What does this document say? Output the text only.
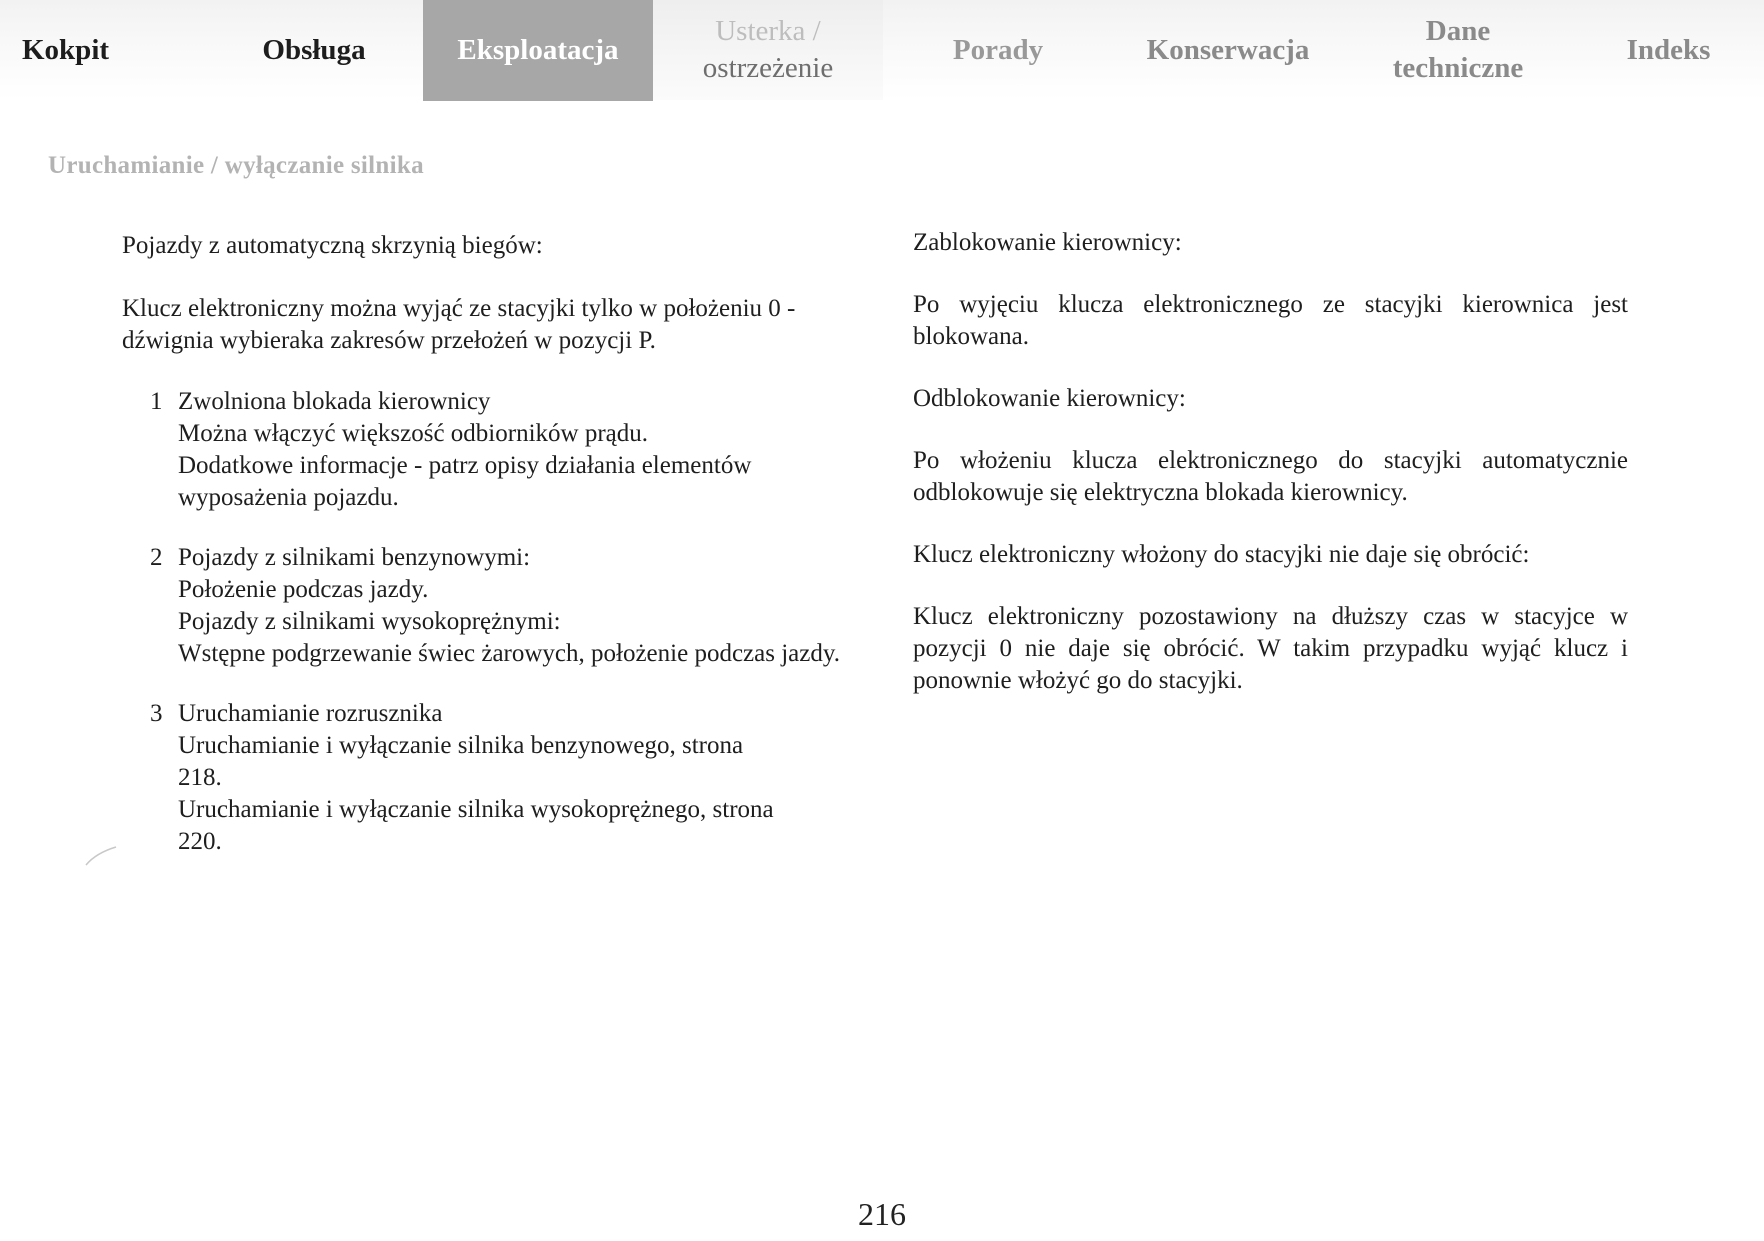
Kokpit	Obsługa	Eksploatacja
Usterka /
ostrzeżenie
Porady	Konserwacja
Dane
techniczne
Indeks
Uruchamianie / wyłączanie silnika

Pojazdy z automatyczną skrzynią biegów:

Klucz elektroniczny można wyjąć ze stacyjki tylko w położeniu 0 - dźwignia wybieraka zakresów przełożeń w pozycji P.

1 Zwolniona blokada kierownicy
Można włączyć większość odbiorników prądu.
Dodatkowe informacje - patrz opisy działania elementów wyposażenia pojazdu.
2 Pojazdy z silnikami benzynowymi:
Położenie podczas jazdy.
Pojazdy z silnikami wysokoprężnymi:
Wstępne podgrzewanie świec żarowych, położenie podczas jazdy.
3 Uruchamianie rozrusznika
Uruchamianie i wyłączanie silnika benzynowego, strona 218.
Uruchamianie i wyłączanie silnika wysokoprężnego, strona 220.

Zablokowanie kierownicy:

Po wyjęciu klucza elektronicznego ze stacyjki kierownica jest blokowana.

Odblokowanie kierownicy:

Po włożeniu klucza elektronicznego do stacyjki automatycznie odblokowuje się elektryczna blokada kierownicy.

Klucz elektroniczny włożony do stacyjki nie daje się obrócić:

Klucz elektroniczny pozostawiony na dłuższy czas w stacyjce w pozycji 0 nie daje się obrócić. W takim przypadku wyjąć klucz i ponownie włożyć go do stacyjki.

216
